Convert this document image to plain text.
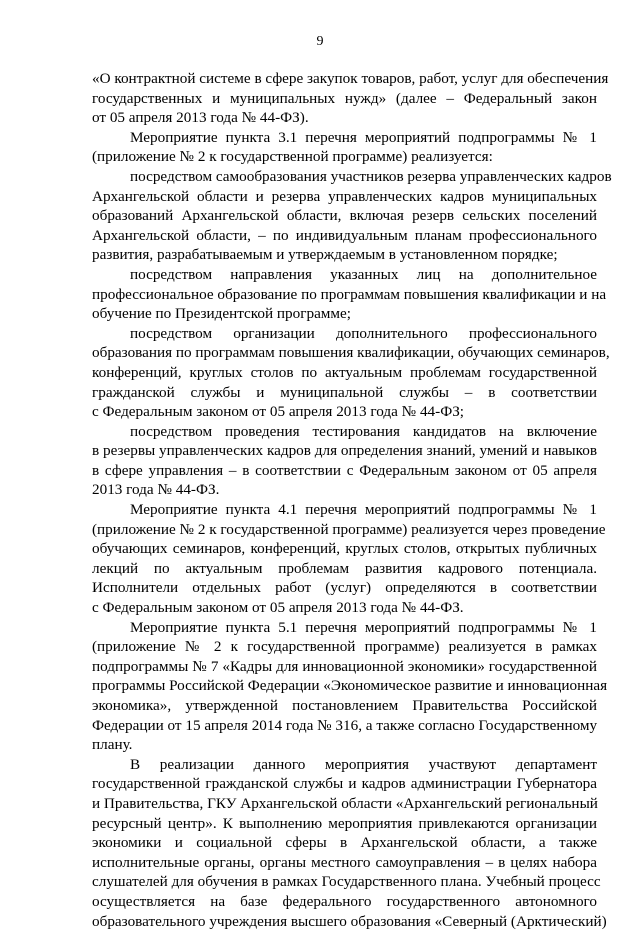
9
«О контрактной системе в сфере закупок товаров, работ, услуг для обеспечения
государственных и муниципальных нужд» (далее – Федеральный закон
от 05 апреля 2013 года № 44-ФЗ).
Мероприятие пункта 3.1 перечня мероприятий подпрограммы № 1
(приложение № 2 к государственной программе) реализуется:
посредством самообразования участников резерва управленческих кадров
Архангельской области и резерва управленческих кадров муниципальных
образований Архангельской области, включая резерв сельских поселений
Архангельской области, – по индивидуальным планам профессионального
развития, разрабатываемым и утверждаемым в установленном порядке;
посредством направления указанных лиц на дополнительное
профессиональное образование по программам повышения квалификации и на
обучение по Президентской программе;
посредством организации дополнительного профессионального
образования по программам повышения квалификации, обучающих семинаров,
конференций, круглых столов по актуальным проблемам государственной
гражданской службы и муниципальной службы – в соответствии
с Федеральным законом от 05 апреля 2013 года № 44-ФЗ;
посредством проведения тестирования кандидатов на включение
в резервы управленческих кадров для определения знаний, умений и навыков
в сфере управления – в соответствии с Федеральным законом от 05 апреля
2013 года № 44-ФЗ.
Мероприятие пункта 4.1 перечня мероприятий подпрограммы № 1
(приложение № 2 к государственной программе) реализуется через проведение
обучающих семинаров, конференций, круглых столов, открытых публичных
лекций по актуальным проблемам развития кадрового потенциала.
Исполнители отдельных работ (услуг) определяются в соответствии
с Федеральным законом от 05 апреля 2013 года № 44-ФЗ.
Мероприятие пункта 5.1 перечня мероприятий подпрограммы № 1
(приложение № 2 к государственной программе) реализуется в рамках
подпрограммы № 7 «Кадры для инновационной экономики» государственной
программы Российской Федерации «Экономическое развитие и инновационная
экономика», утвержденной постановлением Правительства Российской
Федерации от 15 апреля 2014 года № 316, а также согласно Государственному
плану.
В реализации данного мероприятия участвуют департамент
государственной гражданской службы и кадров администрации Губернатора
и Правительства, ГКУ Архангельской области «Архангельский региональный
ресурсный центр». К выполнению мероприятия привлекаются организации
экономики и социальной сферы в Архангельской области, а также
исполнительные органы, органы местного самоуправления – в целях набора
слушателей для обучения в рамках Государственного плана. Учебный процесс
осуществляется на базе федерального государственного автономного
образовательного учреждения высшего образования «Северный (Арктический)
